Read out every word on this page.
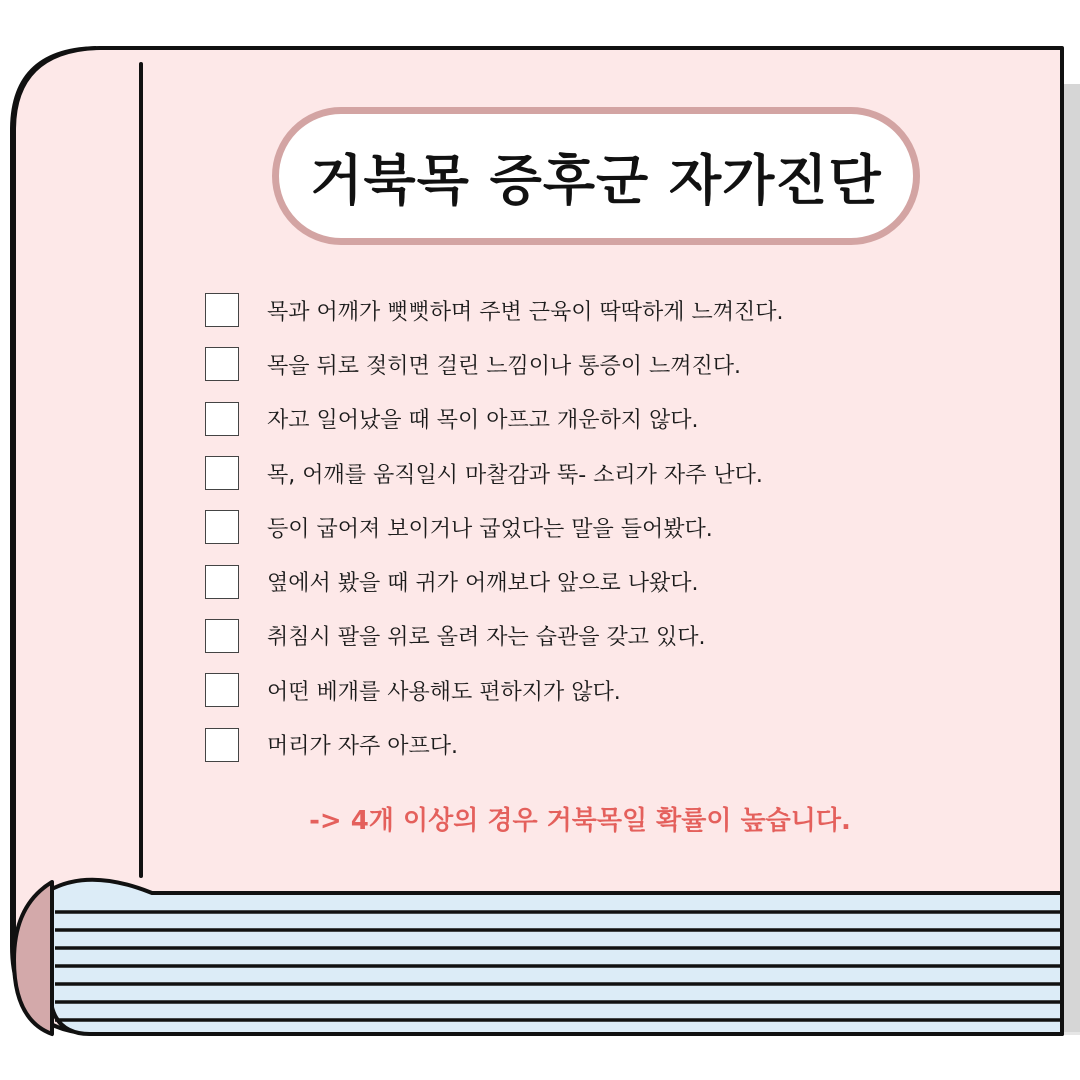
거북목 증후군 자가진단
목과 어깨가 뻣뻣하며 주변 근육이 딱딱하게 느껴진다.
목을 뒤로 젖히면 걸린 느낌이나 통증이 느껴진다.
자고 일어났을 때 목이 아프고 개운하지 않다.
목, 어깨를 움직일시 마찰감과 뚝- 소리가 자주 난다.
등이 굽어져 보이거나 굽었다는 말을 들어봤다.
옆에서 봤을 때 귀가 어깨보다 앞으로 나왔다.
취침시 팔을 위로 올려 자는 습관을 갖고 있다.
어떤 베개를 사용해도 편하지가 않다.
머리가 자주 아프다.
-> 4개 이상의 경우 거북목일 확률이 높습니다.
